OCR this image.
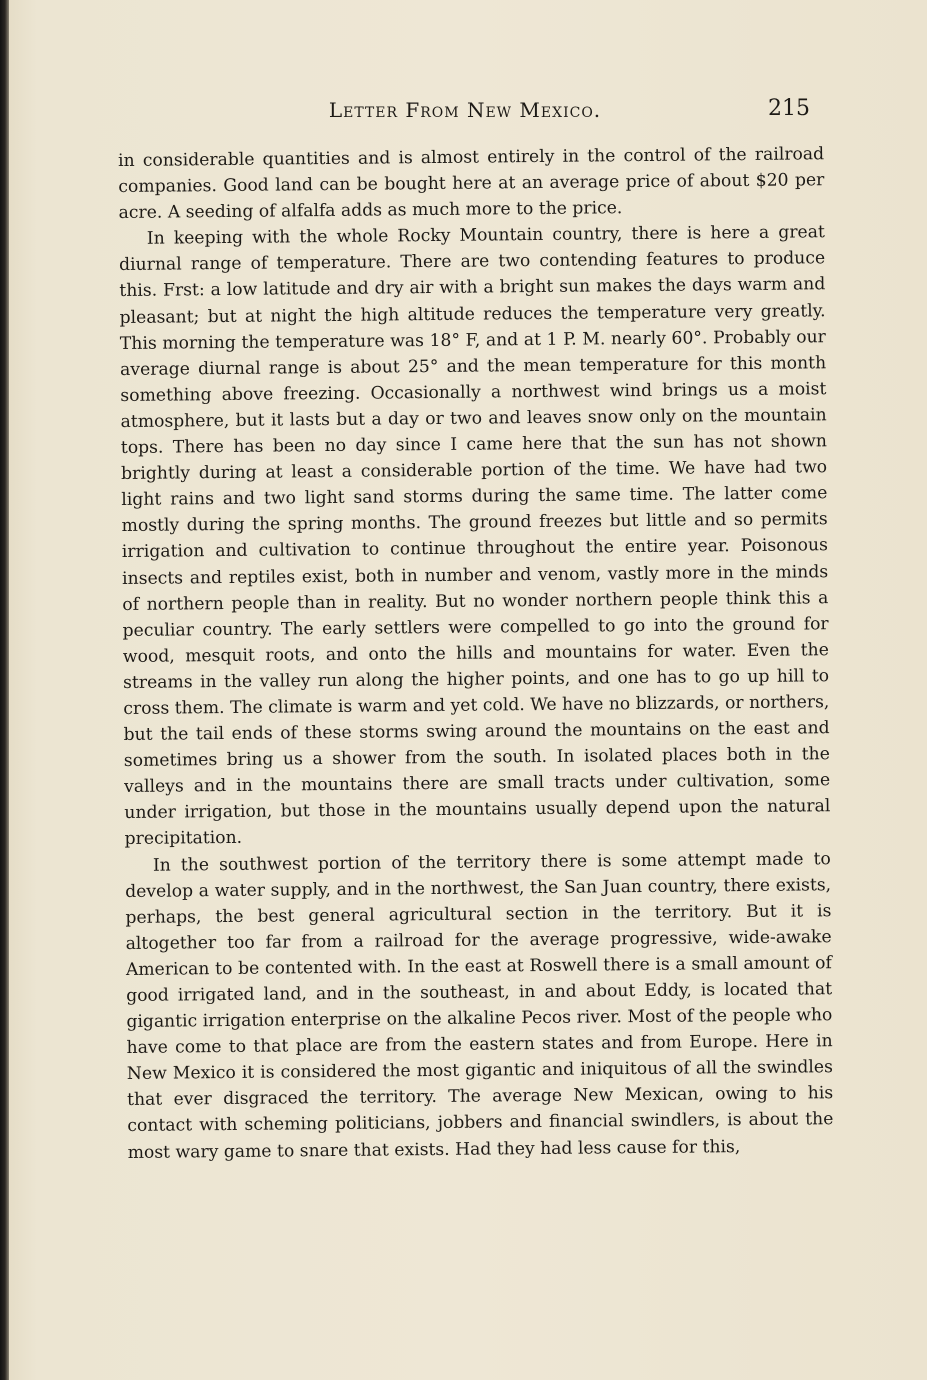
Letter From New Mexico.	215

in considerable quantities and is almost entirely in the control of the railroad companies. Good land can be bought here at an average price of about $20 per acre. A seeding of alfalfa adds as much more to the price.

In keeping with the whole Rocky Mountain country, there is here a great diurnal range of temperature. There are two contending features to produce this. Frst: a low latitude and dry air with a bright sun makes the days warm and pleasant; but at night the high altitude reduces the temperature very greatly. This morning the temperature was 18° F, and at 1 P. M. nearly 60°. Probably our average diurnal range is about 25° and the mean temperature for this month something above freezing. Occasionally a northwest wind brings us a moist atmosphere, but it lasts but a day or two and leaves snow only on the mountain tops. There has been no day since I came here that the sun has not shown brightly during at least a considerable portion of the time. We have had two light rains and two light sand storms during the same time. The latter come mostly during the spring months. The ground freezes but little and so permits irrigation and cultivation to continue throughout the entire year. Poisonous insects and reptiles exist, both in number and venom, vastly more in the minds of northern people than in reality. But no wonder northern people think this a peculiar country. The early settlers were compelled to go into the ground for wood, mesquit roots, and onto the hills and mountains for water. Even the streams in the valley run along the higher points, and one has to go up hill to cross them. The climate is warm and yet cold. We have no blizzards, or northers, but the tail ends of these storms swing around the mountains on the east and sometimes bring us a shower from the south. In isolated places both in the valleys and in the mountains there are small tracts under cultivation, some under irrigation, but those in the mountains usually depend upon the natural precipitation.

In the southwest portion of the territory there is some attempt made to develop a water supply, and in the northwest, the San Juan country, there exists, perhaps, the best general agricultural section in the territory. But it is altogether too far from a railroad for the average progressive, wide-awake American to be contented with. In the east at Roswell there is a small amount of good irrigated land, and in the southeast, in and about Eddy, is located that gigantic irrigation enterprise on the alkaline Pecos river. Most of the people who have come to that place are from the eastern states and from Europe. Here in New Mexico it is considered the most gigantic and iniquitous of all the swindles that ever disgraced the territory. The average New Mexican, owing to his contact with scheming politicians, jobbers and financial swindlers, is about the most wary game to snare that exists. Had they had less cause for this,
